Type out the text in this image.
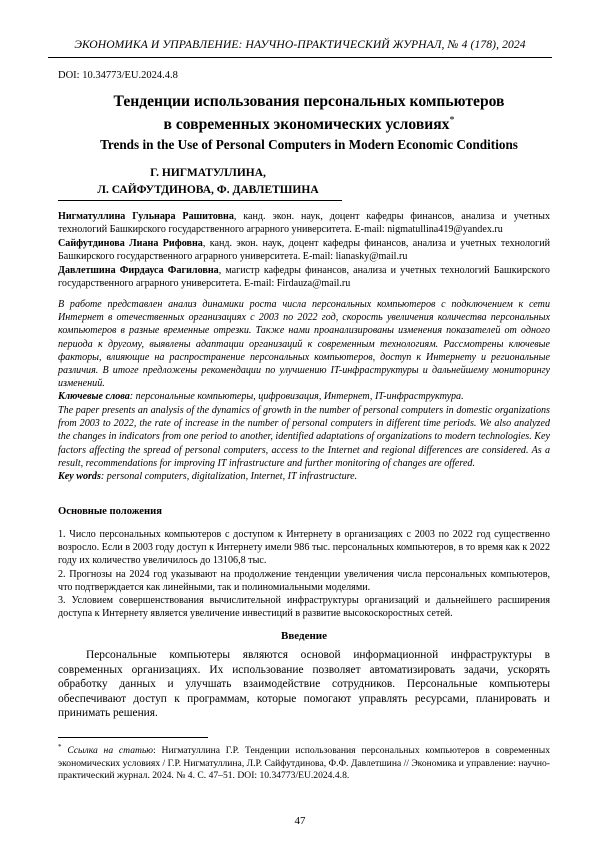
ЭКОНОМИКА И УПРАВЛЕНИЕ: НАУЧНО-ПРАКТИЧЕСКИЙ ЖУРНАЛ, № 4 (178), 2024
DOI: 10.34773/EU.2024.4.8
Тенденции использования персональных компьютеров
в современных экономических условиях*
Trends in the Use of Personal Computers in Modern Economic Conditions
Г. НИГМАТУЛЛИНА,
Л. САЙФУТДИНОВА, Ф. ДАВЛЕТШИНА
Нигматуллина Гульнара Рашитовна, канд. экон. наук, доцент кафедры финансов, анализа и учетных технологий Башкирского государственного аграрного университета. E-mail: nigmatullina419@yandex.ru
Сайфутдинова Лиана Рифовна, канд. экон. наук, доцент кафедры финансов, анализа и учетных технологий Башкирского государственного аграрного университета. E-mail: lianasky@mail.ru
Давлетшина Фирдауса Фагиловна, магистр кафедры финансов, анализа и учетных технологий Башкирского государственного аграрного университета. E-mail: Firdauza@mail.ru
В работе представлен анализ динамики роста числа персональных компьютеров с подключением к сети Интернет в отечественных организациях с 2003 по 2022 год, скорость увеличения количества персональных компьютеров в разные временные отрезки. Также нами проанализированы изменения показателей от одного периода к другому, выявлены адаптации организаций к современным технологиям. Рассмотрены ключевые факторы, влияющие на распространение персональных компьютеров, доступ к Интернету и региональные различия. В итоге предложены рекомендации по улучшению IT-инфраструктуры и дальнейшему мониторингу изменений.
Ключевые слова: персональные компьютеры, цифровизация, Интернет, IT-инфраструктура.
The paper presents an analysis of the dynamics of growth in the number of personal computers in domestic organizations from 2003 to 2022, the rate of increase in the number of personal computers in different time periods. We also analyzed the changes in indicators from one period to another, identified adaptations of organizations to modern technologies. Key factors affecting the spread of personal computers, access to the Internet and regional differences are considered. As a result, recommendations for improving IT infrastructure and further monitoring of changes are offered.
Key words: personal computers, digitalization, Internet, IT infrastructure.
Основные положения

1. Число персональных компьютеров с доступом к Интернету в организациях с 2003 по 2022 год существенно возросло. Если в 2003 году доступ к Интернету имели 986 тыс. персональных компьютеров, в то время как к 2022 году их количество увеличилось до 13106,8 тыс.

2. Прогнозы на 2024 год указывают на продолжение тенденции увеличения числа персональных компьютеров, что подтверждается как линейными, так и полиномиальными моделями.

3. Условием совершенствования вычислительной инфраструктуры организаций и дальнейшего расширения доступа к Интернету является увеличение инвестиций в развитие высокоскоростных сетей.

Введение
Персональные компьютеры являются основой информационной инфраструктуры в современных организациях. Их использование позволяет автоматизировать задачи, ускорять обработку данных и улучшать взаимодействие сотрудников. Персональные компьютеры обеспечивают доступ к программам, которые помогают управлять ресурсами, планировать и принимать решения.
* Ссылка на статью: Нигматуллина Г.Р. Тенденции использования персональных компьютеров в современных экономических условиях / Г.Р. Нигматуллина, Л.Р. Сайфутдинова, Ф.Ф. Давлетшина // Экономика и управление: научно-практический журнал. 2024. № 4. С. 47–51. DOI: 10.34773/EU.2024.4.8.
47
